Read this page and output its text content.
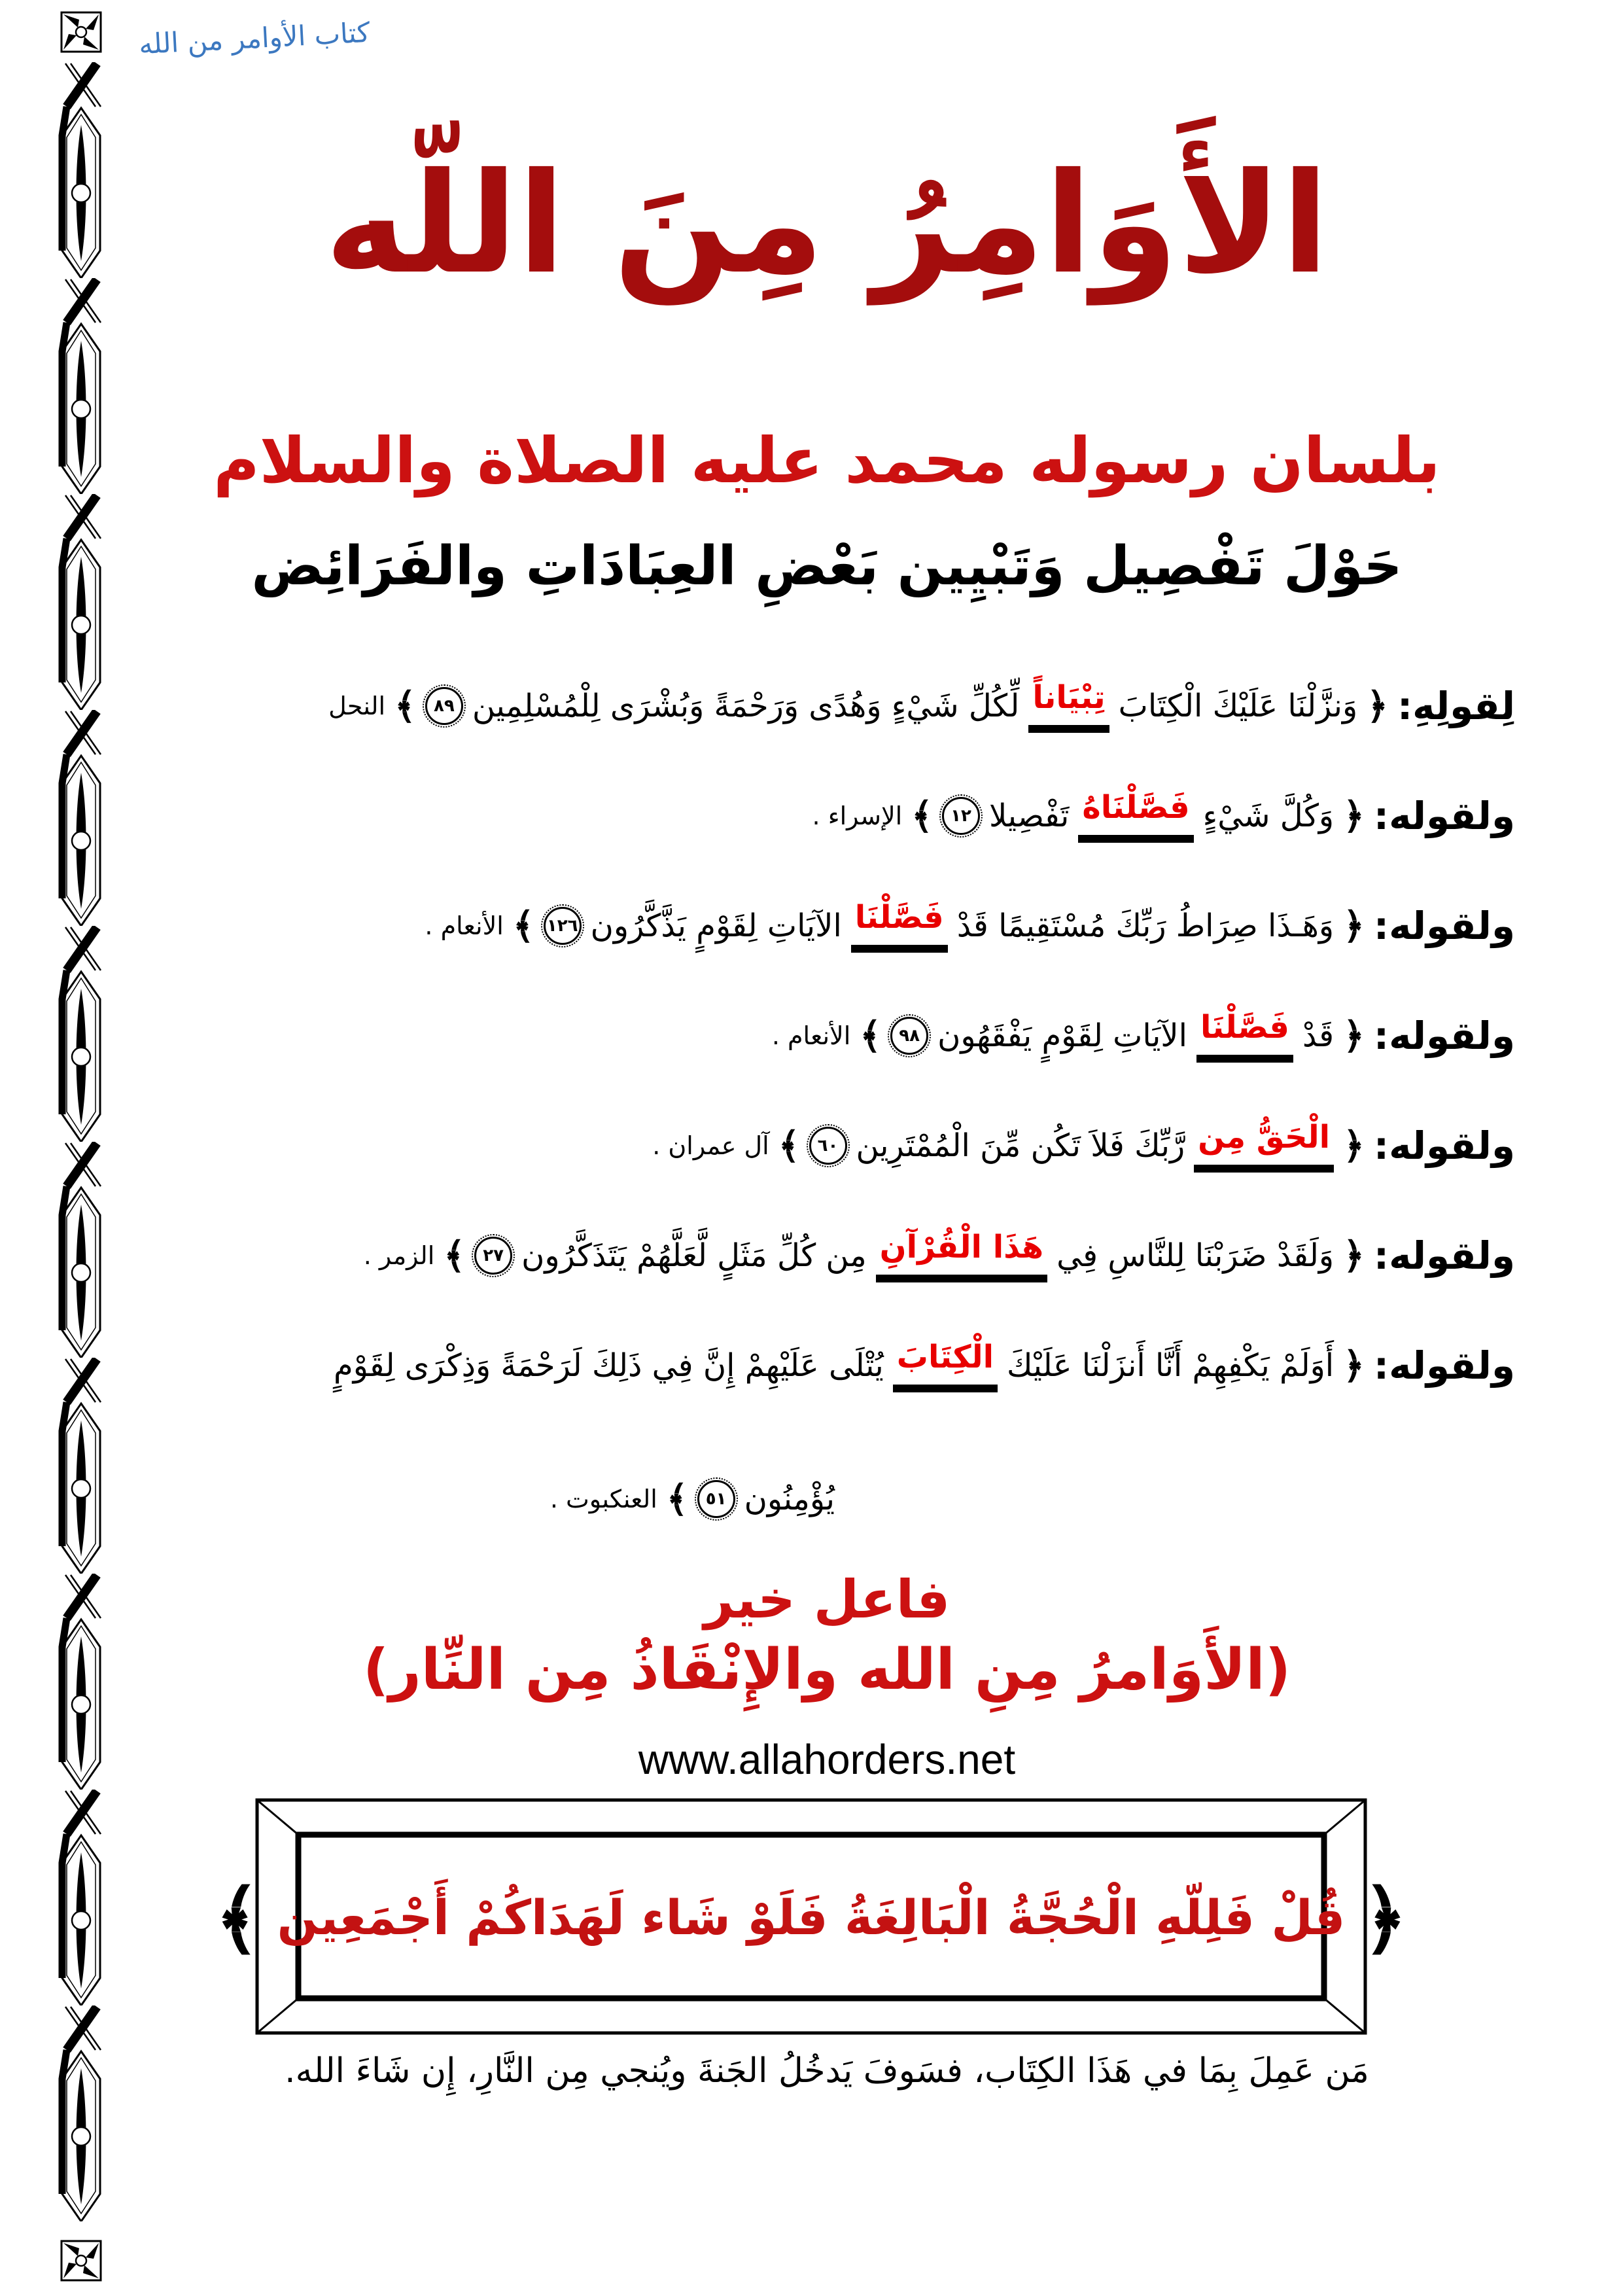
كتاب الأوامر من الله
الأَوَامِرُ مِنَ اللّه
بلسان رسوله محمد عليه الصلاة والسلام
حَوْلَ تَفْصِيل وَتَبْيِين بَعْضِ العِبَادَاتِ والفَرَائِض
لِقولِهِ:
﴿
وَنزَّلْنَا عَلَيْكَ الْكِتَابَ
تِبْيَاناً
لِّكُلِّ شَيْءٍ وَهُدًى وَرَحْمَةً وَبُشْرَى لِلْمُسْلِمِين
٨٩
﴾
النحل
ولقوله:
﴿
وَكُلَّ شَيْءٍ
فَصَّلْنَاهُ
تَفْصِيلا
١٢
﴾
الإسراء .
ولقوله:
﴿
وَهَـذَا صِرَاطُ رَبِّكَ مُسْتَقِيمًا قَدْ
فَصَّلْنَا
الآيَاتِ لِقَوْمٍ يَذَّكَّرُون
١٢٦
﴾
الأنعام .
ولقوله:
﴿
قَدْ
فَصَّلْنَا
الآيَاتِ لِقَوْمٍ يَفْقَهُون
٩٨
﴾
الأنعام .
ولقوله:
﴿
الْحَقُّ مِن
رَّبِّكَ فَلاَ تَكُن مِّنَ الْمُمْتَرِين
٦٠
﴾
آل عمران .
ولقوله:
﴿
وَلَقَدْ ضَرَبْنَا لِلنَّاسِ فِي
هَذَا الْقُرْآنِ
مِن كُلِّ مَثَلٍ لَّعَلَّهُمْ يَتَذَكَّرُون
٢٧
﴾
الزمر .
ولقوله:
﴿
أَوَلَمْ يَكْفِهِمْ أَنَّا أَنزَلْنَا عَلَيْكَ
الْكِتَابَ
يُتْلَى عَلَيْهِمْ إِنَّ فِي ذَلِكَ لَرَحْمَةً وَذِكْرَى لِقَوْمٍ
يُؤْمِنُون
٥١
﴾
العنكبوت .
فاعل خير
(الأَوَامرُ مِنِ الله والإِنْقَاذُ مِن النِّار)
www.allahorders.net
مَن عَمِلَ بِمَا في هَذَا الكِتَاب، فسَوفَ يَدخُلُ الجَنةَ ويُنجي مِن النَّارِ، إِن شَاءَ الله.
﴿
قُلْ فَلِلّهِ الْحُجَّةُ الْبَالِغَةُ فَلَوْ شَاء لَهَدَاكُمْ أَجْمَعِين
﴾
